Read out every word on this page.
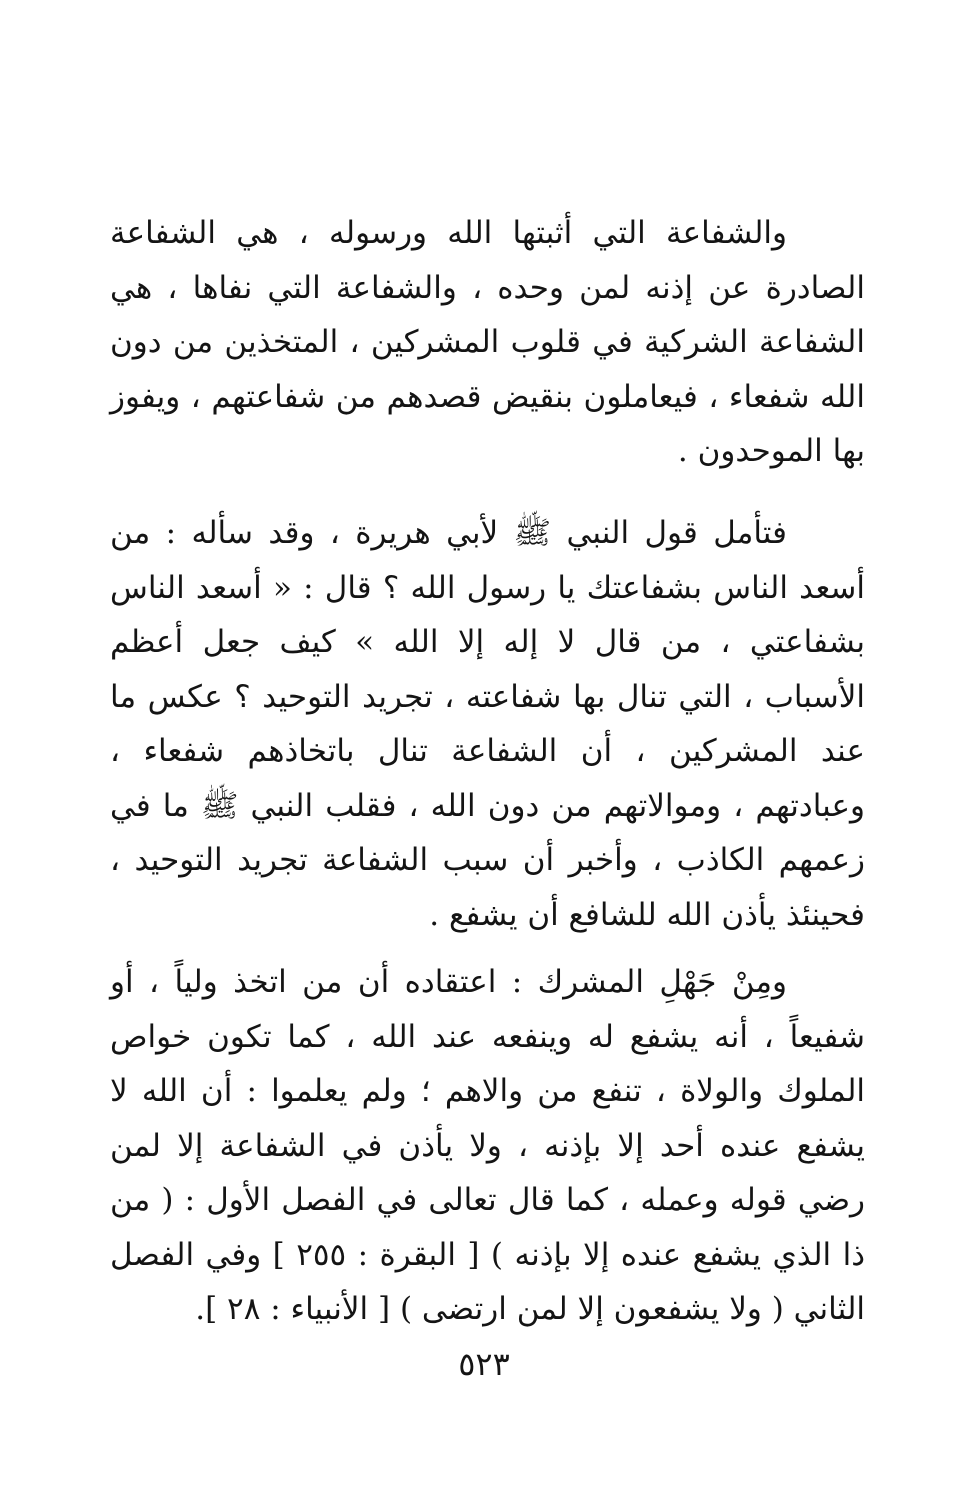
والشفاعة التي أثبتها الله ورسوله ، هي الشفاعة الصادرة عن إذنه لمن وحده ، والشفاعة التي نفاها ، هي الشفاعة الشركية في قلوب المشركين ، المتخذين من دون الله شفعاء ، فيعاملون بنقيض قصدهم من شفاعتهم ، ويفوز بها الموحدون .

فتأمل قول النبي ﷺ لأبي هريرة ، وقد سأله : من أسعد الناس بشفاعتك يا رسول الله ؟ قال : « أسعد الناس بشفاعتي ، من قال لا إله إلا الله » كيف جعل أعظم الأسباب ، التي تنال بها شفاعته ، تجريد التوحيد ؟ عكس ما عند المشركين ، أن الشفاعة تنال باتخاذهم شفعاء ، وعبادتهم ، وموالاتهم من دون الله ، فقلب النبي ﷺ ما في زعمهم الكاذب ، وأخبر أن سبب الشفاعة تجريد التوحيد ، فحينئذ يأذن الله للشافع أن يشفع .

ومِنْ جَهْلِ المشرك : اعتقاده أن من اتخذ ولياً ، أو شفيعاً ، أنه يشفع له وينفعه عند الله ، كما تكون خواص الملوك والولاة ، تنفع من والاهم ؛ ولم يعلموا : أن الله لا يشفع عنده أحد إلا بإذنه ، ولا يأذن في الشفاعة إلا لمن رضي قوله وعمله ، كما قال تعالى في الفصل الأول : ( من ذا الذي يشفع عنده إلا بإذنه ) [ البقرة : ٢٥٥ ] وفي الفصل الثاني ( ولا يشفعون إلا لمن ارتضى ) [ الأنبياء : ٢٨ ].

٥٢٣
